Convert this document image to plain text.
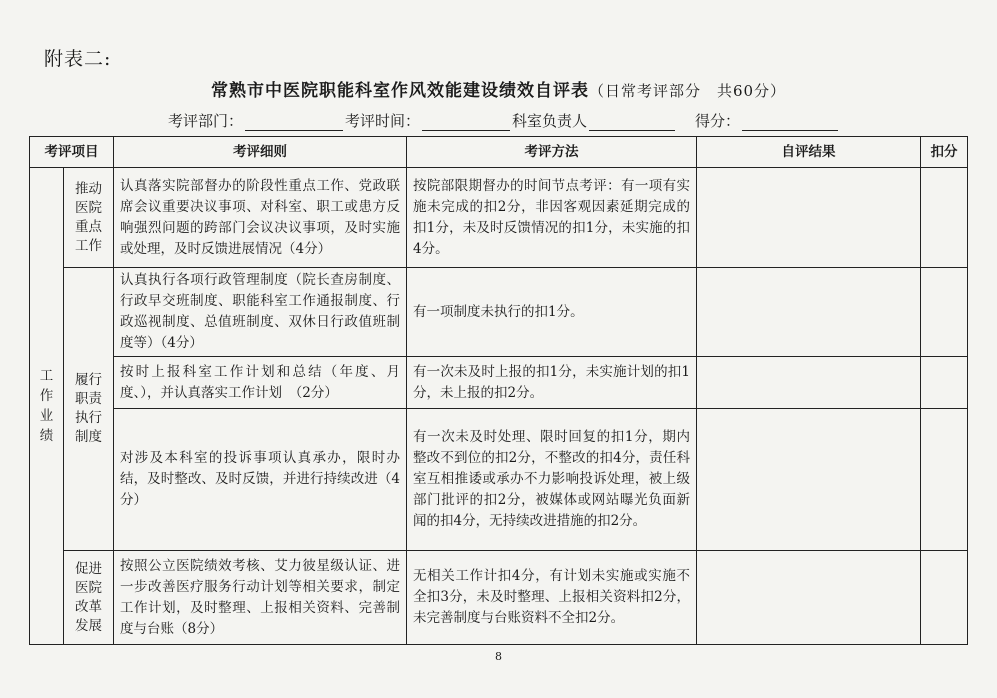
附表二:
常熟市中医院职能科室作风效能建设绩效自评表（日常考评部分　共60分）
考评部门：	考评时间：	科室负责人	得分：
考评项目		考评细则	考评方法	自评结果	扣分

工作业绩	推动医院重点工作	认真落实院部督办的阶段性重点工作、党政联席会议重要决议事项、对科室、职工或患方反响强烈问题的跨部门会议决议事项，及时实施或处理，及时反馈进展情况（4分）	按院部限期督办的时间节点考评：有一项有实施未完成的扣2分，非因客观因素延期完成的扣1分，未及时反馈情况的扣1分，未实施的扣4分。		

	履行职责执行制度	认真执行各项行政管理制度（院长查房制度、行政早交班制度、职能科室工作通报制度、行政巡视制度、总值班制度、双休日行政值班制度等）（4分）	有一项制度未执行的扣1分。		
		按时上报科室工作计划和总结（年度、月度、），并认真落实工作计划　（2分）	有一次未及时上报的扣1分，未实施计划的扣1分，未上报的扣2分。		
		对涉及本科室的投诉事项认真承办，限时办结，及时整改、及时反馈，并进行持续改进（4分）	有一次未及时处理、限时回复的扣1分，期内整改不到位的扣2分，不整改的扣4分，责任科室互相推诿或承办不力影响投诉处理，被上级部门批评的扣2分，被媒体或网站曝光负面新闻的扣4分，无持续改进措施的扣2分。		

	促进医院改革发展	按照公立医院绩效考核、艾力彼星级认证、进一步改善医疗服务行动计划等相关要求，制定工作计划，及时整理、上报相关资料、完善制度与台账（8分）	无相关工作计扣4分，有计划未实施或实施不全扣3分，未及时整理、上报相关资料扣2分，未完善制度与台账资料不全扣2分。		
8
